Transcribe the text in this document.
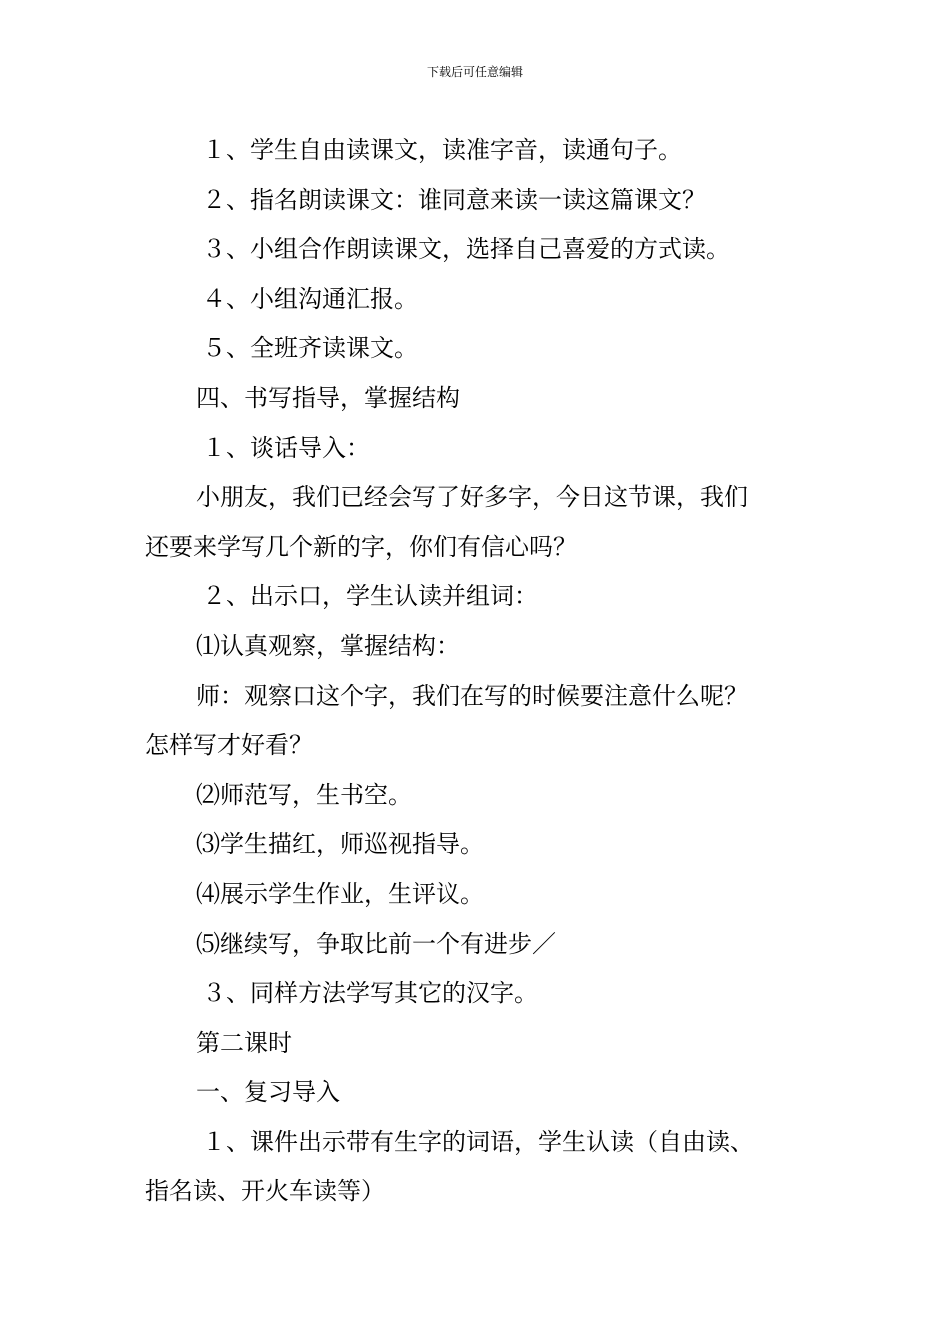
下载后可任意编辑
１、学生自由读课文，读准字音，读通句子。
２、指名朗读课文：谁同意来读一读这篇课文？
３、小组合作朗读课文，选择自己喜爱的方式读。
４、小组沟通汇报。
５、全班齐读课文。
四、书写指导，掌握结构
１、谈话导入：
小朋友，我们已经会写了好多字，今日这节课，我们
还要来学写几个新的字，你们有信心吗？
２、出示口，学生认读并组词：
⑴认真观察，掌握结构：
师：观察口这个字，我们在写的时候要注意什么呢？
怎样写才好看？
⑵师范写，生书空。
⑶学生描红，师巡视指导。
⑷展示学生作业，生评议。
⑸继续写，争取比前一个有进步／
３、同样方法学写其它的汉字。
第二课时
一、复习导入
１、课件出示带有生字的词语，学生认读（自由读、
指名读、开火车读等）
